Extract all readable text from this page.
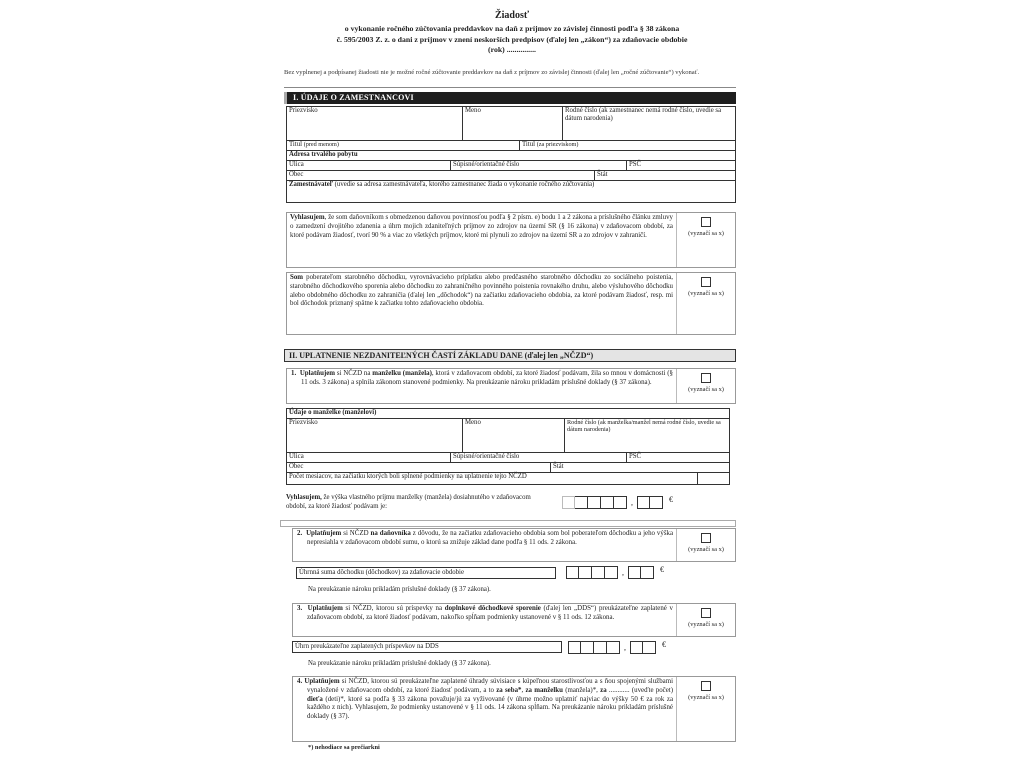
Žiadosť
o vykonanie ročného zúčtovania preddavkov na daň z príjmov zo závislej činnosti podľa § 38 zákona
č. 595/2003 Z. z. o dani z príjmov v znení neskorších predpisov (ďalej len „zákon“) za zdaňovacie obdobie
(rok) ...............
Bez vyplnenej a podpísanej žiadosti nie je možné ročné zúčtovanie preddavkov na daň z príjmov zo závislej činnosti (ďalej len „ročné zúčtovanie“) vykonať.
I. ÚDAJE O ZAMESTNANCOVI
Priezvisko	Meno	Rodné číslo (ak zamestnanec nemá rodné číslo, uvedie sa dátum narodenia)
Titul (pred menom)	Titul (za priezviskom)
Adresa trvalého pobytu
Ulica	Súpisné/orientačné číslo	PSČ
Obec	Štát
Zamestnávateľ (uvedie sa adresa zamestnávateľa, ktorého zamestnanec žiada o vykonanie ročného zúčtovania)
Vyhlasujem, že som daňovníkom s obmedzenou daňovou povinnosťou podľa § 2 písm. e) bodu 1 a 2 zákona a príslušného článku zmluvy o zamedzení dvojitého zdanenia a úhrn mojich zdaniteľných príjmov zo zdrojov na území SR (§ 16 zákona) v zdaňovacom období, za ktoré podávam žiadosť, tvorí 90 % a viac zo všetkých príjmov, ktoré mi plynuli zo zdrojov na území SR a zo zdrojov v zahraničí.	(vyznačí sa x)
Som poberateľom starobného dôchodku, vyrovnávacieho príplatku alebo predčasného starobného dôchodku zo sociálneho poistenia, starobného dôchodkového sporenia alebo dôchodku zo zahraničného povinného poistenia rovnakého druhu, alebo výsluhového dôchodku alebo obdobného dôchodku zo zahraničia (ďalej len „dôchodok“) na začiatku zdaňovacieho obdobia, za ktoré podávam žiadosť, resp. mi bol dôchodok priznaný spätne k začiatku tohto zdaňovacieho obdobia.
(vyznačí sa x)
II. UPLATNENIE NEZDANITEĽNÝCH ČASTÍ ZÁKLADU DANE (ďalej len „NČZD“)
1. Uplatňujem si NČZD na manželku (manžela), ktorá v zdaňovacom období, za ktoré žiadosť podávam, žila so mnou v domácnosti (§ 11 ods. 3 zákona) a splnila zákonom stanovené podmienky. Na preukázanie nároku prikladám príslušné doklady (§ 37 zákona).
(vyznačí sa x)
Údaje o manželke (manželovi)
Priezvisko	Meno	Rodné číslo (ak manželka/manžel nemá rodné číslo, uvedie sa dátum narodenia)
Ulica	Súpisné/orientačné číslo	PSČ
Obec	Štát
Počet mesiacov, na začiatku ktorých boli splnené podmienky na uplatnenie tejto NČZD	
Vyhlasujem, že výška vlastného príjmu manželky (manžela) dosiahnutého v zdaňovacom období, za ktoré žiadosť podávam je:	,	€
2. Uplatňujem si NČZD na daňovníka z dôvodu, že na začiatku zdaňovacieho obdobia som bol poberateľom dôchodku a jeho výška nepresiahla v zdaňovacom období sumu, o ktorú sa znižuje základ dane podľa § 11 ods. 2 zákona.
(vyznačí sa x)
Úhrnná suma dôchodku (dôchodkov) za zdaňovacie obdobie	,	€
Na preukázanie nároku prikladám príslušné doklady (§ 37 zákona).
3. Uplatňujem si NČZD, ktorou sú príspevky na doplnkové dôchodkové sporenie (ďalej len „DDS“) preukázateľne zaplatené v zdaňovacom období, za ktoré žiadosť podávam, nakoľko spĺňam podmienky ustanovené v § 11 ods. 12 zákona.
(vyznačí sa x)
Úhrn preukázateľne zaplatených príspevkov na DDS	,	€
Na preukázanie nároku prikladám príslušné doklady (§ 37 zákona).
4. Uplatňujem si NČZD, ktorou sú preukázateľne zaplatené úhrady súvisiace s kúpeľnou starostlivosťou a s ňou spojenými službami vynaložené v zdaňovacom období, za ktoré žiadosť podávam, a to za seba*, za manželku (manžela)*, za ............ (uveďte počet) dieťa (deti)*, ktoré sa podľa § 33 zákona považuje/jú za vyživované (v úhrne možno uplatniť najviac do výšky 50 € za rok za každého z nich). Vyhlasujem, že podmienky ustanovené v § 11 ods. 14 zákona spĺňam. Na preukázanie nároku prikladám príslušné doklady (§ 37).
(vyznačí sa x)
*) nehodiace sa prečiarkni
